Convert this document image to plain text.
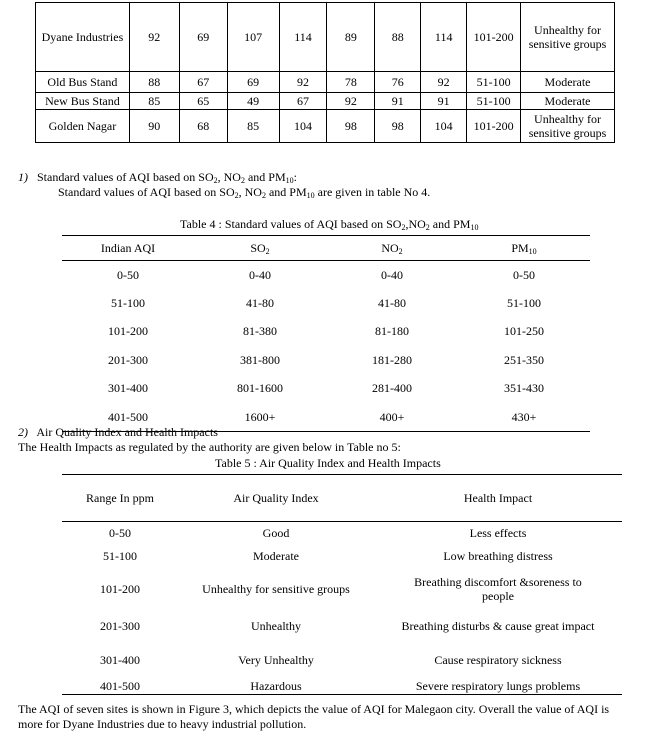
Dyane Industries	92	69	107	114	89	88	114	101-200	Unhealthy for sensitive groups
Old Bus Stand	88	67	69	92	78	76	92	51-100	Moderate
New Bus Stand	85	65	49	67	92	91	91	51-100	Moderate
Golden Nagar	90	68	85	104	98	98	104	101-200	Unhealthy for sensitive groups
1) Standard values of AQI based on $SO_2$, $NO_2$ and $PM_{10}$:
Standard values of AQI based on $SO_2$, $NO_2$ and $PM_{10}$ are given in table No 4.
Table 4 : Standard values of AQI based on $SO_2,NO_2$ and $PM_{10}$
Indian AQI	$SO_2$	$NO_2$	$PM_{10}$
0-50	0-40	0-40	0-50
51-100	41-80	41-80	51-100
101-200	81-380	81-180	101-250
201-300	381-800	181-280	251-350
301-400	801-1600	281-400	351-430
401-500	1600+	400+	430+
2) Air Quality Index and Health Impacts
The Health Impacts as regulated by the authority are given below in Table no 5:
Table 5 : Air Quality Index and Health Impacts
Range In ppm	Air Quality Index	Health Impact
0-50	Good	Less effects
51-100	Moderate	Low breathing distress
101-200	Unhealthy for sensitive groups	Breathing discomfort &soreness to people
201-300	Unhealthy	Breathing disturbs & cause great impact
301-400	Very Unhealthy	Cause respiratory sickness
401-500	Hazardous	Severe respiratory lungs problems
The AQI of seven sites is shown in Figure 3, which depicts the value of AQI for Malegaon city. Overall the value of AQI is more for Dyane Industries due to heavy industrial pollution.
